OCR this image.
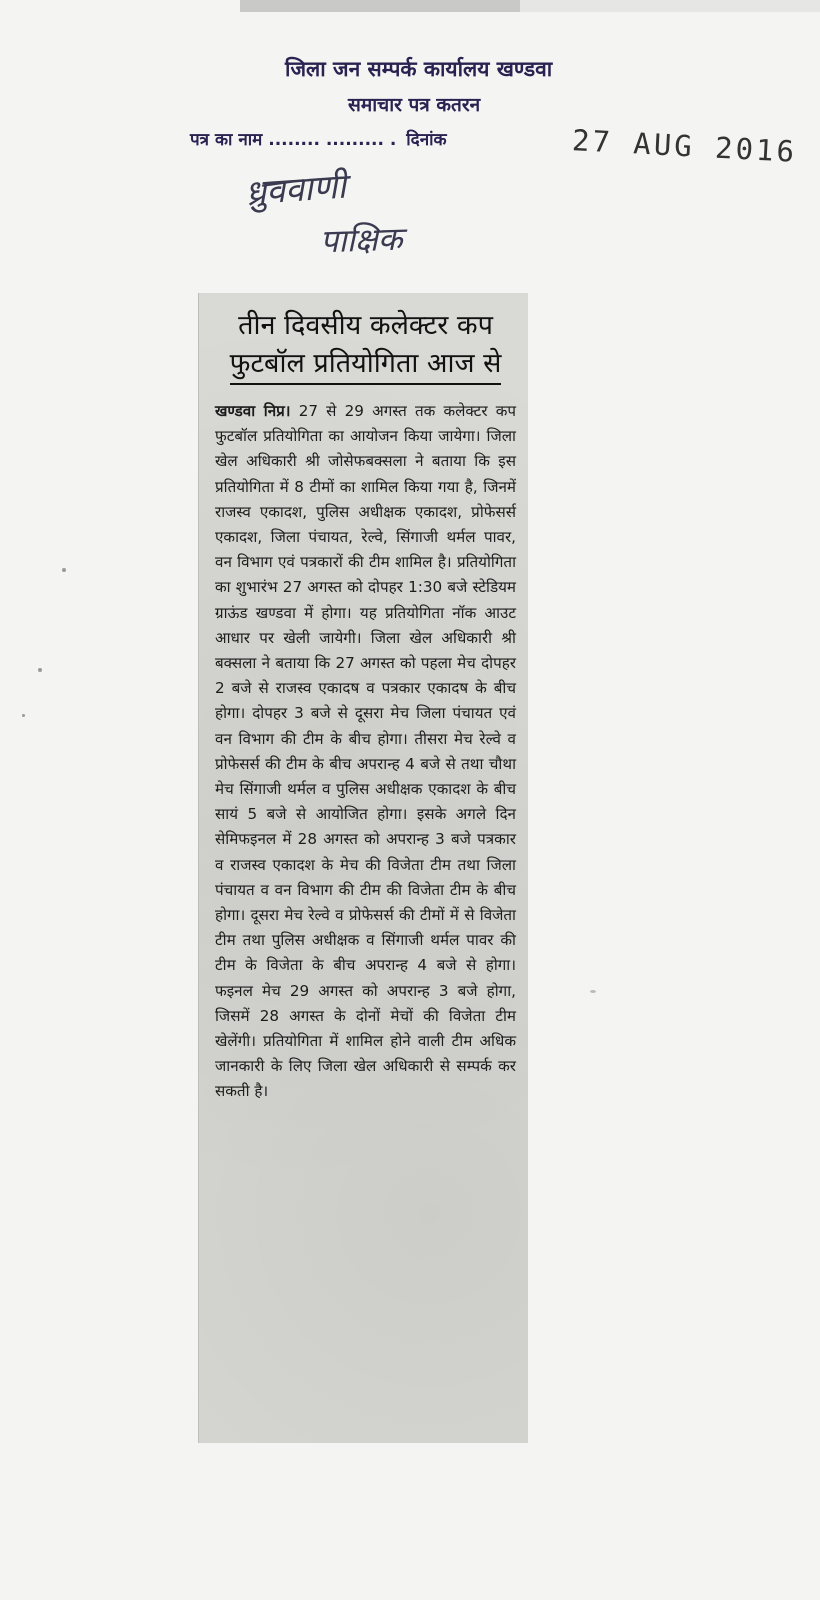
जिला जन सम्पर्क कार्यालय खण्डवा
समाचार पत्र कतरन
पत्र का नाम ........ ......... . दिनांक	27 AUG 2016
ध्रुववाणी
पाक्षिक
तीन दिवसीय कलेक्टर कप
फुटबॉल प्रतियोगिता आज से
खण्डवा निप्र। 27 से 29 अगस्त तक कलेक्टर कप फुटबॉल प्रतियोगिता का आयोजन किया जायेगा। जिला खेल अधिकारी श्री जोसेफबक्सला ने बताया कि इस प्रतियोगिता में 8 टीमों का शामिल किया गया है, जिनमें राजस्व एकादश, पुलिस अधीक्षक एकादश, प्रोफेसर्स एकादश, जिला पंचायत, रेल्वे, सिंगाजी थर्मल पावर, वन विभाग एवं पत्रकारों की टीम शामिल है। प्रतियोगिता का शुभारंभ 27 अगस्त को दोपहर 1:30 बजे स्टेडियम ग्राऊंड खण्डवा में होगा। यह प्रतियोगिता नॉक आउट आधार पर खेली जायेगी। जिला खेल अधिकारी श्री बक्सला ने बताया कि 27 अगस्त को पहला मेच दोपहर 2 बजे से राजस्व एकादष व पत्रकार एकादष के बीच होगा। दोपहर 3 बजे से दूसरा मेच जिला पंचायत एवं वन विभाग की टीम के बीच होगा। तीसरा मेच रेल्वे व प्रोफेसर्स की टीम के बीच अपरान्ह 4 बजे से तथा चौथा मेच सिंगाजी थर्मल व पुलिस अधीक्षक एकादश के बीच सायं 5 बजे से आयोजित होगा। इसके अगले दिन सेमिफइनल में 28 अगस्त को अपरान्ह 3 बजे पत्रकार व राजस्व एकादश के मेच की विजेता टीम तथा जिला पंचायत व वन विभाग की टीम की विजेता टीम के बीच होगा। दूसरा मेच रेल्वे व प्रोफेसर्स की टीमों में से विजेता टीम तथा पुलिस अधीक्षक व सिंगाजी थर्मल पावर की टीम के विजेता के बीच अपरान्ह 4 बजे से होगा। फइनल मेच 29 अगस्त को अपरान्ह 3 बजे होगा, जिसमें 28 अगस्त के दोनों मेचों की विजेता टीम खेलेंगी। प्रतियोगिता में शामिल होने वाली टीम अधिक जानकारी के लिए जिला खेल अधिकारी से सम्पर्क कर सकती है।
